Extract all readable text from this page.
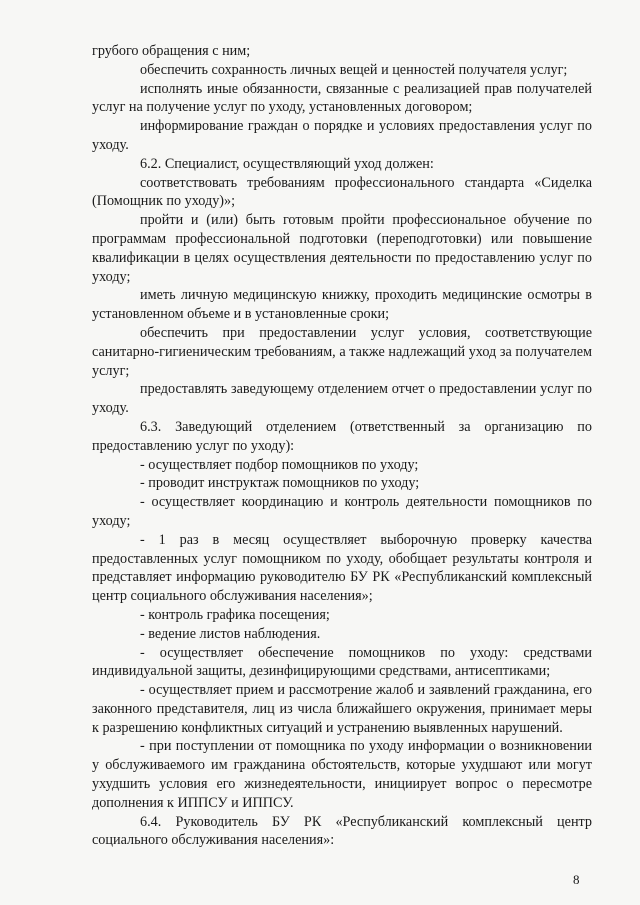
грубого обращения с ним;

обеспечить сохранность личных вещей и ценностей получателя услуг;

исполнять иные обязанности, связанные с реализацией прав получателей услуг на получение услуг по уходу, установленных договором;

информирование граждан о порядке и условиях предоставления услуг по уходу.

6.2. Специалист, осуществляющий уход должен:

соответствовать требованиям профессионального стандарта «Сиделка (Помощник по уходу)»;

пройти и (или) быть готовым пройти профессиональное обучение по программам профессиональной подготовки (переподготовки) или повышение квалификации в целях осуществления деятельности по предоставлению услуг по уходу;

иметь личную медицинскую книжку, проходить медицинские осмотры в установленном объеме и в установленные сроки;

обеспечить при предоставлении услуг условия, соответствующие санитарно-гигиеническим требованиям, а также надлежащий уход за получателем услуг;

предоставлять заведующему отделением отчет о предоставлении услуг по уходу.

6.3. Заведующий отделением (ответственный за организацию по предоставлению услуг по уходу):

- осуществляет подбор помощников по уходу;

- проводит инструктаж помощников по уходу;

- осуществляет координацию и контроль деятельности помощников по уходу;

- 1 раз в месяц осуществляет выборочную проверку качества предоставленных услуг помощником по уходу, обобщает результаты контроля и представляет информацию руководителю БУ РК «Республиканский комплексный центр социального обслуживания населения»;

- контроль графика посещения;

- ведение листов наблюдения.

- осуществляет обеспечение помощников по уходу: средствами индивидуальной защиты, дезинфицирующими средствами, антисептиками;

- осуществляет прием и рассмотрение жалоб и заявлений гражданина, его законного представителя, лиц из числа ближайшего окружения, принимает меры к разрешению конфликтных ситуаций и устранению выявленных нарушений.

- при поступлении от помощника по уходу информации о возникновении у обслуживаемого им гражданина обстоятельств, которые ухудшают или могут ухудшить условия его жизнедеятельности, инициирует вопрос о пересмотре дополнения к ИППСУ и ИППСУ.

6.4. Руководитель БУ РК «Республиканский комплексный центр социального обслуживания населения»:

8
